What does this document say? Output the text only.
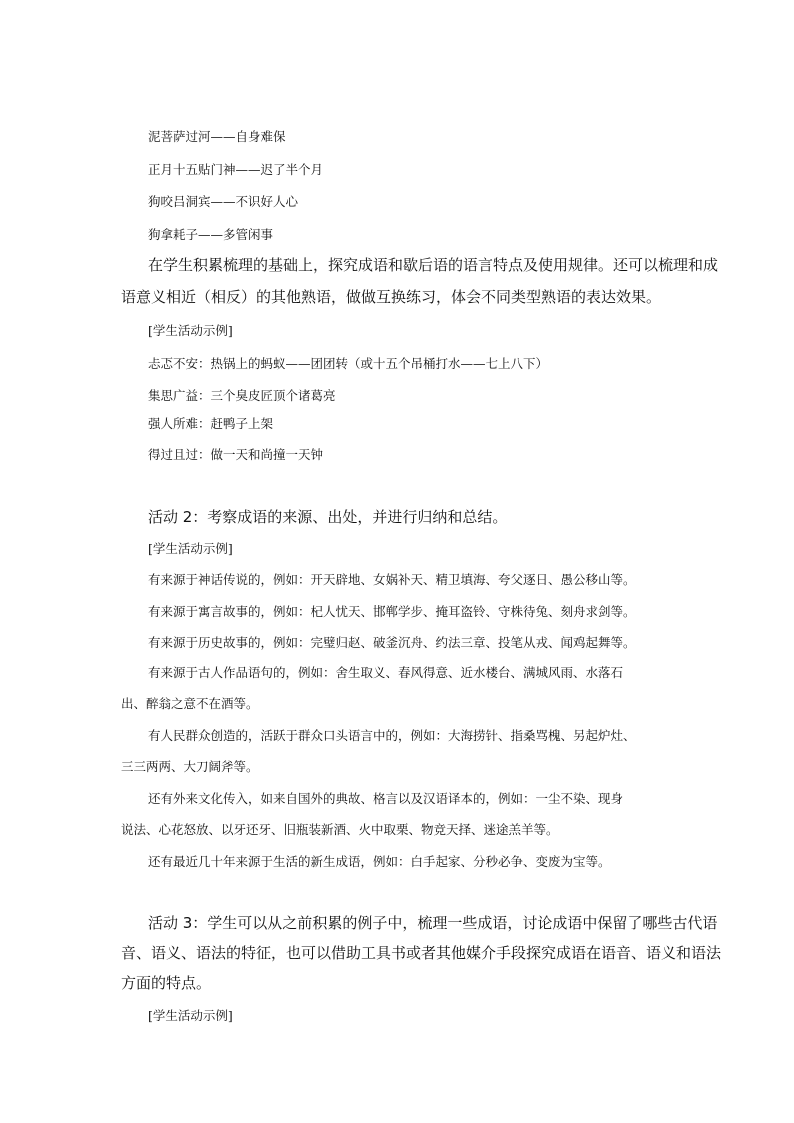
泥菩萨过河——自身难保
正月十五贴门神——迟了半个月
狗咬吕洞宾——不识好人心
狗拿耗子——多管闲事
在学生积累梳理的基础上，探究成语和歇后语的语言特点及使用规律。还可以梳理和成
语意义相近（相反）的其他熟语，做做互换练习，体会不同类型熟语的表达效果。
[学生活动示例]
忐忑不安：热锅上的蚂蚁——团团转（或十五个吊桶打水——七上八下）
集思广益：三个臭皮匠顶个诸葛亮
强人所难：赶鸭子上架
得过且过：做一天和尚撞一天钟
活动 2：考察成语的来源、出处，并进行归纳和总结。
[学生活动示例]
有来源于神话传说的，例如：开天辟地、女娲补天、精卫填海、夸父逐日、愚公移山等。
有来源于寓言故事的，例如：杞人忧天、邯郸学步、掩耳盗铃、守株待兔、刻舟求剑等。
有来源于历史故事的，例如：完璧归赵、破釜沉舟、约法三章、投笔从戎、闻鸡起舞等。
有来源于古人作品语句的，例如：舍生取义、春风得意、近水楼台、满城风雨、水落石
出、醉翁之意不在酒等。
有人民群众创造的，活跃于群众口头语言中的，例如：大海捞针、指桑骂槐、另起炉灶、
三三两两、大刀阔斧等。
还有外来文化传入，如来自国外的典故、格言以及汉语译本的，例如：一尘不染、现身
说法、心花怒放、以牙还牙、旧瓶装新酒、火中取栗、物竞天择、迷途羔羊等。
还有最近几十年来源于生活的新生成语，例如：白手起家、分秒必争、变废为宝等。
活动 3：学生可以从之前积累的例子中，梳理一些成语，讨论成语中保留了哪些古代语
音、语义、语法的特征，也可以借助工具书或者其他媒介手段探究成语在语音、语义和语法
方面的特点。
[学生活动示例]
